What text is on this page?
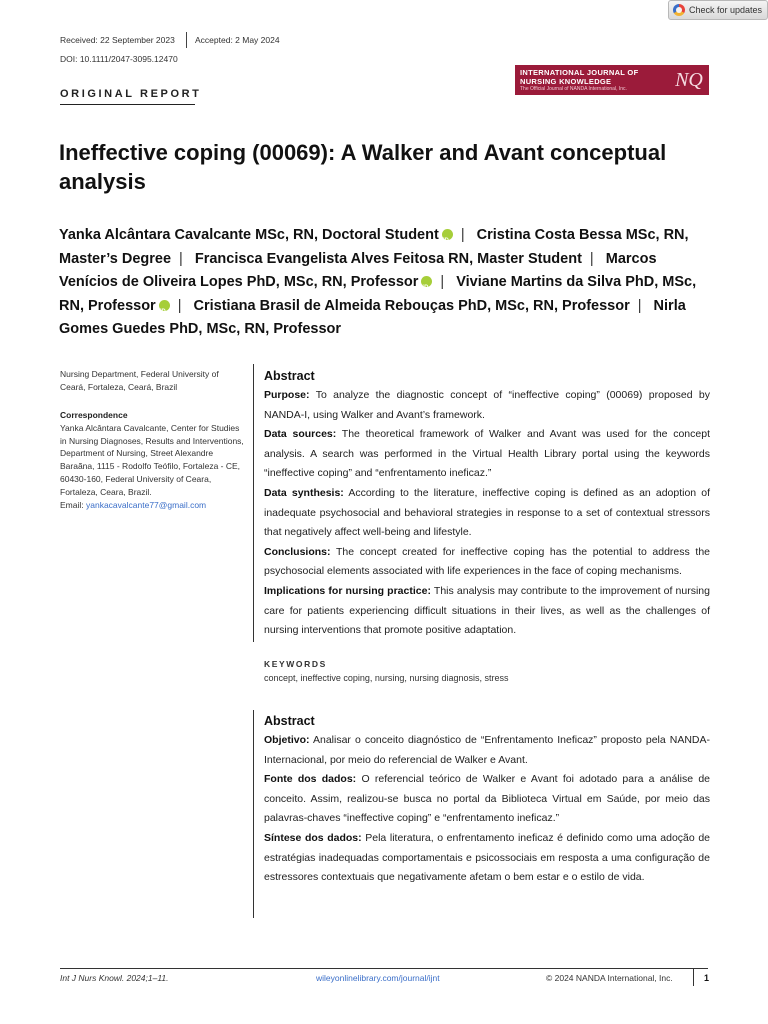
Check for updates
Received: 22 September 2023 Accepted: 2 May 2024
DOI: 10.1111/2047-3095.12470
INTERNATIONAL JOURNAL OF
NURSING KNOWLEDGE
The Official Journal of NANDA International, Inc. NQ
ORIGINAL REPORT
Ineffective coping (00069): A Walker and Avant conceptual analysis
Yanka Alcântara Cavalcante MSc, RN, Doctoral Student iD | Cristina Costa Bessa MSc, RN, Master’s Degree | Francisca Evangelista Alves Feitosa RN, Master Student | Marcos Venícios de Oliveira Lopes PhD, MSc, RN, Professor iD | Viviane Martins da Silva PhD, MSc, RN, Professor iD | Cristiana Brasil de Almeida Rebouças PhD, MSc, RN, Professor | Nirla Gomes Guedes PhD, MSc, RN, Professor
Nursing Department, Federal University of Ceará, Fortaleza, Ceará, Brazil
Correspondence
Yanka Alcântara Cavalcante, Center for Studies in Nursing Diagnoses, Results and Interventions, Department of Nursing, Street Alexandre Baraãna, 1115 - Rodolfo Teófilo, Fortaleza - CE, 60430-160, Federal University of Ceara, Fortaleza, Ceara, Brazil.
Email: yankacavalcante77@gmail.com
Abstract

Purpose: To analyze the diagnostic concept of “ineffective coping” (00069) proposed by NANDA-I, using Walker and Avant’s framework.

Data sources: The theoretical framework of Walker and Avant was used for the concept analysis. A search was performed in the Virtual Health Library portal using the keywords “ineffective coping” and “enfrentamento ineficaz.”

Data synthesis: According to the literature, ineffective coping is defined as an adoption of inadequate psychosocial and behavioral strategies in response to a set of contextual stressors that negatively affect well-being and lifestyle.

Conclusions: The concept created for ineffective coping has the potential to address the psychosocial elements associated with life experiences in the face of coping mechanisms.

Implications for nursing practice: This analysis may contribute to the improvement of nursing care for patients experiencing difficult situations in their lives, as well as the challenges of nursing interventions that promote positive adaptation.

KEYWORDS
concept, ineffective coping, nursing, nursing diagnosis, stress
Abstract

Objetivo: Analisar o conceito diagnóstico de “Enfrentamento Ineficaz” proposto pela NANDA-Internacional, por meio do referencial de Walker e Avant.

Fonte dos dados: O referencial teórico de Walker e Avant foi adotado para a análise de conceito. Assim, realizou-se busca no portal da Biblioteca Virtual em Saúde, por meio das palavras-chaves “ineffective coping” e “enfrentamento ineficaz.”

Síntese dos dados: Pela literatura, o enfrentamento ineficaz é definido como uma adoção de estratégias inadequadas comportamentais e psicossociais em resposta a uma configuração de estressores contextuais que negativamente afetam o bem estar e o estilo de vida.

Int J Nurs Knowl. 2024;1–11.	wileyonlinelibrary.com/journal/ijnt	© 2024 NANDA International, Inc.	1
